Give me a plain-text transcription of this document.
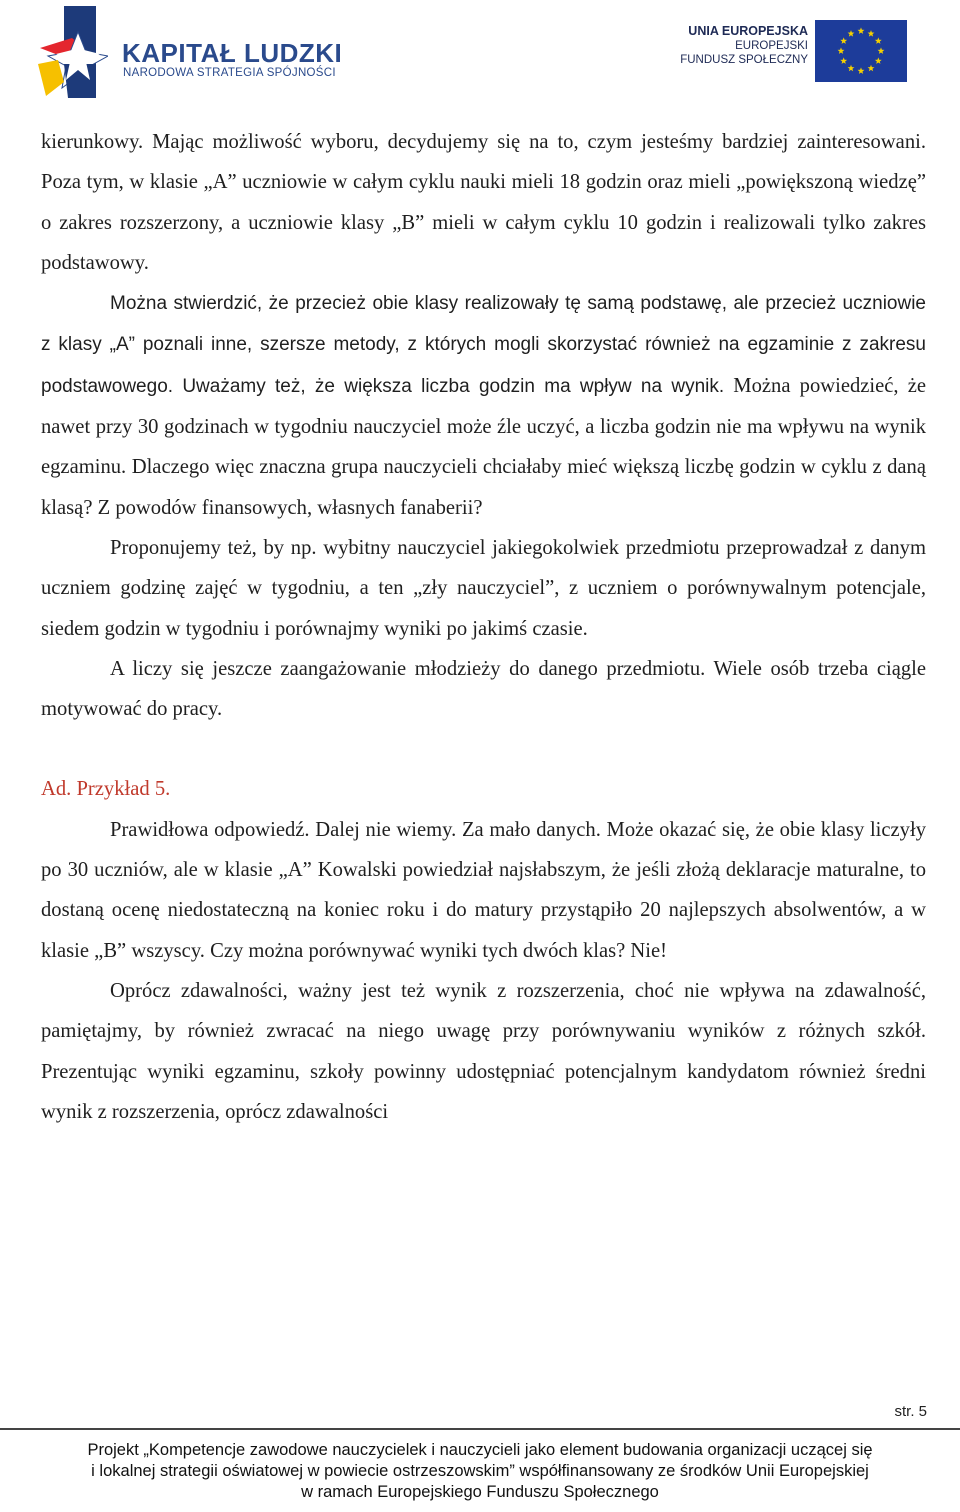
KAPITAŁ LUDZKI
NARODOWA STRATEGIA SPÓJNOŚCI
UNIA EUROPEJSKA
EUROPEJSKI
FUNDUSZ SPOŁECZNY

kierunkowy. Mając możliwość wyboru, decydujemy się na to, czym jesteśmy bardziej zainteresowani. Poza tym, w klasie „A” uczniowie w całym cyklu nauki mieli 18 godzin oraz mieli „powiększoną wiedzę” o zakres rozszerzony, a uczniowie klasy „B” mieli w całym cyklu 10 godzin i realizowali tylko zakres podstawowy.

Można stwierdzić, że przecież obie klasy realizowały tę samą podstawę, ale przecież uczniowie z klasy „A” poznali inne, szersze metody, z których mogli skorzystać również na egzaminie z zakresu podstawowego. Uważamy też, że większa liczba godzin ma wpływ na wynik. Można powiedzieć, że nawet przy 30 godzinach w tygodniu nauczyciel może źle uczyć, a liczba godzin nie ma wpływu na wynik egzaminu. Dlaczego więc znaczna grupa nauczycieli chciałaby mieć większą liczbę godzin w cyklu z daną klasą? Z powodów finansowych, własnych fanaberii?

Proponujemy też, by np. wybitny nauczyciel jakiegokolwiek przedmiotu przeprowadzał z danym uczniem godzinę zajęć w tygodniu, a ten „zły nauczyciel”, z uczniem o porównywalnym potencjale, siedem godzin w tygodniu i porównajmy wyniki po jakimś czasie.

A liczy się jeszcze zaangażowanie młodzieży do danego przedmiotu. Wiele osób trzeba ciągle motywować do pracy.

Ad. Przykład 5.

Prawidłowa odpowiedź. Dalej nie wiemy. Za mało danych. Może okazać się, że obie klasy liczyły po 30 uczniów, ale w klasie „A” Kowalski powiedział najsłabszym, że jeśli złożą deklaracje maturalne, to dostaną ocenę niedostateczną na koniec roku i do matury przystąpiło 20 najlepszych absolwentów, a w klasie „B” wszyscy. Czy można porównywać wyniki tych dwóch klas? Nie!

Oprócz zdawalności, ważny jest też wynik z rozszerzenia, choć nie wpływa na zdawalność, pamiętajmy, by również zwracać na niego uwagę przy porównywaniu wyników z różnych szkół. Prezentując wyniki egzaminu, szkoły powinny udostępniać potencjalnym kandydatom również średni wynik z rozszerzenia, oprócz zdawalności

str. 5
Projekt „Kompetencje zawodowe nauczycielek i nauczycieli jako element budowania organizacji uczącej się
i lokalnej strategii oświatowej w powiecie ostrzeszowskim” współfinansowany ze środków Unii Europejskiej
w ramach Europejskiego Funduszu Społecznego
